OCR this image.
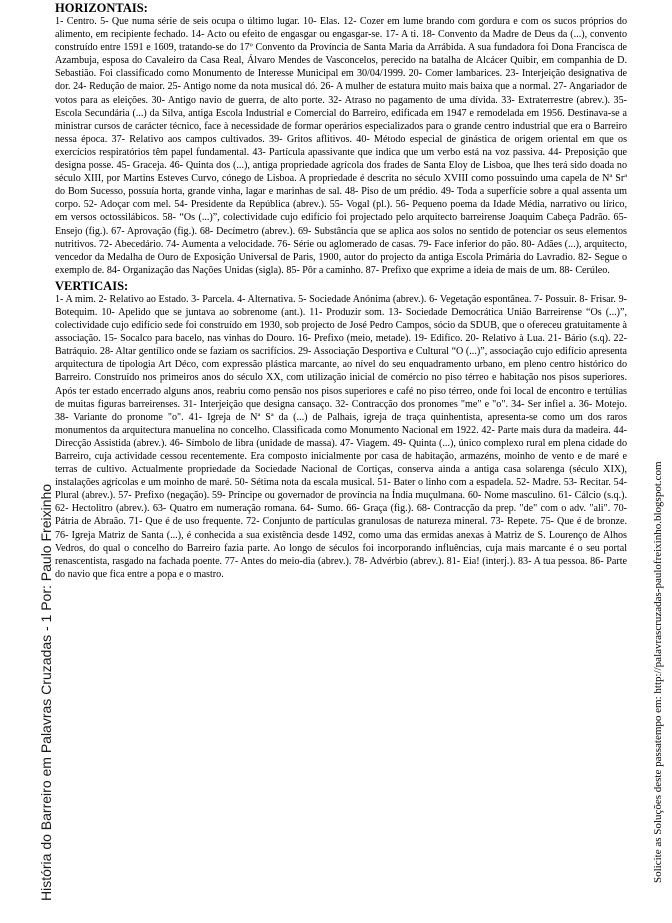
História do Barreiro em Palavras Cruzadas - 1 Por: Paulo Freixinho
HORIZONTAIS:

1- Centro. 5- Que numa série de seis ocupa o último lugar. 10- Elas. 12- Cozer em lume brando com gordura e com os sucos próprios do alimento, em recipiente fechado. 14- Acto ou efeito de engasgar ou engasgar-se. 17- A ti. 18- Convento da Madre de Deus da (...), convento construído entre 1591 e 1609, tratando-se do 17º Convento da Província de Santa Maria da Arrábida. A sua fundadora foi Dona Francisca de Azambuja, esposa do Cavaleiro da Casa Real, Álvaro Mendes de Vasconcelos, perecido na batalha de Alcácer Quibir, em companhia de D. Sebastião. Foi classificado como Monumento de Interesse Municipal em 30/04/1999. 20- Comer lambarices. 23- Interjeição designativa de dor. 24- Redução de maior. 25- Antigo nome da nota musical dó. 26- A mulher de estatura muito mais baixa que a normal. 27- Angariador de votos para as eleições. 30- Antigo navio de guerra, de alto porte. 32- Atraso no pagamento de uma dívida. 33- Extraterrestre (abrev.). 35- Escola Secundária (...) da Silva, antiga Escola Industrial e Comercial do Barreiro, edificada em 1947 e remodelada em 1956. Destinava-se a ministrar cursos de carácter técnico, face à necessidade de formar operários especializados para o grande centro industrial que era o Barreiro nessa época. 37- Relativo aos campos cultivados. 39- Gritos aflitivos. 40- Método especial de ginástica de origem oriental em que os exercícios respiratórios têm papel fundamental. 43- Partícula apassivante que indica que um verbo está na voz passiva. 44- Preposição que designa posse. 45- Graceja. 46- Quinta dos (...), antiga propriedade agrícola dos frades de Santa Eloy de Lisboa, que lhes terá sido doada no século XIII, por Martins Esteves Curvo, cónego de Lisboa. A propriedade é descrita no século XVIII como possuindo uma capela de Nª Srª do Bom Sucesso, possuía horta, grande vinha, lagar e marinhas de sal. 48- Piso de um prédio. 49- Toda a superfície sobre a qual assenta um corpo. 52- Adoçar com mel. 54- Presidente da República (abrev.). 55- Vogal (pl.). 56- Pequeno poema da Idade Média, narrativo ou lírico, em versos octossilábicos. 58- “Os (...)”, colectividade cujo edifício foi projectado pelo arquitecto barreirense Joaquim Cabeça Padrão. 65- Ensejo (fig.). 67- Aprovação (fig.). 68- Decímetro (abrev.). 69- Substância que se aplica aos solos no sentido de potenciar os seus elementos nutritivos. 72- Abecedário. 74- Aumenta a velocidade. 76- Série ou aglomerado de casas. 79- Face inferior do pão. 80- Adães (...), arquitecto, vencedor da Medalha de Ouro de Exposição Universal de Paris, 1900, autor do projecto da antiga Escola Primária do Lavradio. 82- Segue o exemplo de. 84- Organização das Nações Unidas (sigla). 85- Pôr a caminho. 87- Prefixo que exprime a ideia de mais de um. 88- Cerúleo.

VERTICAIS:

1- A mim. 2- Relativo ao Estado. 3- Parcela. 4- Alternativa. 5- Sociedade Anónima (abrev.). 6- Vegetação espontânea. 7- Possuir. 8- Frisar. 9- Botequim. 10- Apelido que se juntava ao sobrenome (ant.). 11- Produzir som. 13- Sociedade Democrática União Barreirense “Os (...)”, colectividade cujo edifício sede foi construído em 1930, sob projecto de José Pedro Campos, sócio da SDUB, que o ofereceu gratuitamente à associação. 15- Socalco para bacelo, nas vinhas do Douro. 16- Prefixo (meio, metade). 19- Edifico. 20- Relativo à Lua. 21- Bário (s.q). 22- Batráquio. 28- Altar gentílico onde se faziam os sacrifícios. 29- Associação Desportiva e Cultural “O (...)”, associação cujo edifício apresenta arquitectura de tipologia Art Déco, com expressão plástica marcante, ao nível do seu enquadramento urbano, em pleno centro histórico do Barreiro. Construído nos primeiros anos do século XX, com utilização inicial de comércio no piso térreo e habitação nos pisos superiores. Após ter estado encerrado alguns anos, reabriu como pensão nos pisos superiores e café no piso térreo, onde foi local de encontro e tertúlias de muitas figuras barreirenses. 31- Interjeição que designa cansaço. 32- Contracção dos pronomes "me" e "o". 34- Ser infiel a. 36- Motejo. 38- Variante do pronome "o". 41- Igreja de Nª Sª da (...) de Palhais, igreja de traça quinhentista, apresenta-se como um dos raros monumentos da arquitectura manuelina no concelho. Classificada como Monumento Nacional em 1922. 42- Parte mais dura da madeira. 44- Direcção Assistida (abrev.). 46- Símbolo de libra (unidade de massa). 47- Viagem. 49- Quinta (...), único complexo rural em plena cidade do Barreiro, cuja actividade cessou recentemente. Era composto inicialmente por casa de habitação, armazéns, moinho de vento e de maré e terras de cultivo. Actualmente propriedade da Sociedade Nacional de Cortiças, conserva ainda a antiga casa solarenga (século XIX), instalações agrícolas e um moinho de maré. 50- Sétima nota da escala musical. 51- Bater o linho com a espadela. 52- Madre. 53- Recitar. 54- Plural (abrev.). 57- Prefixo (negação). 59- Príncipe ou governador de província na Índia muçulmana. 60- Nome masculino. 61- Cálcio (s.q.). 62- Hectolitro (abrev.). 63- Quatro em numeração romana. 64- Sumo. 66- Graça (fig.). 68- Contracção da prep. "de" com o adv. "ali". 70- Pátria de Abraão. 71- Que é de uso frequente. 72- Conjunto de partículas granulosas de natureza mineral. 73- Repete. 75- Que é de bronze. 76- Igreja Matriz de Santa (...), é conhecida a sua existência desde 1492, como uma das ermidas anexas à Matriz de S. Lourenço de Alhos Vedros, do qual o concelho do Barreiro fazia parte. Ao longo de séculos foi incorporando influências, cuja mais marcante é o seu portal renascentista, rasgado na fachada poente. 77- Antes do meio-dia (abrev.). 78- Advérbio (abrev.). 81- Eia! (interj.). 83- A tua pessoa. 86- Parte do navio que fica entre a popa e o mastro.	Solicite as Soluções deste passatempo em: http://palavrascruzadas-paulofreixinho.blogspot.com
